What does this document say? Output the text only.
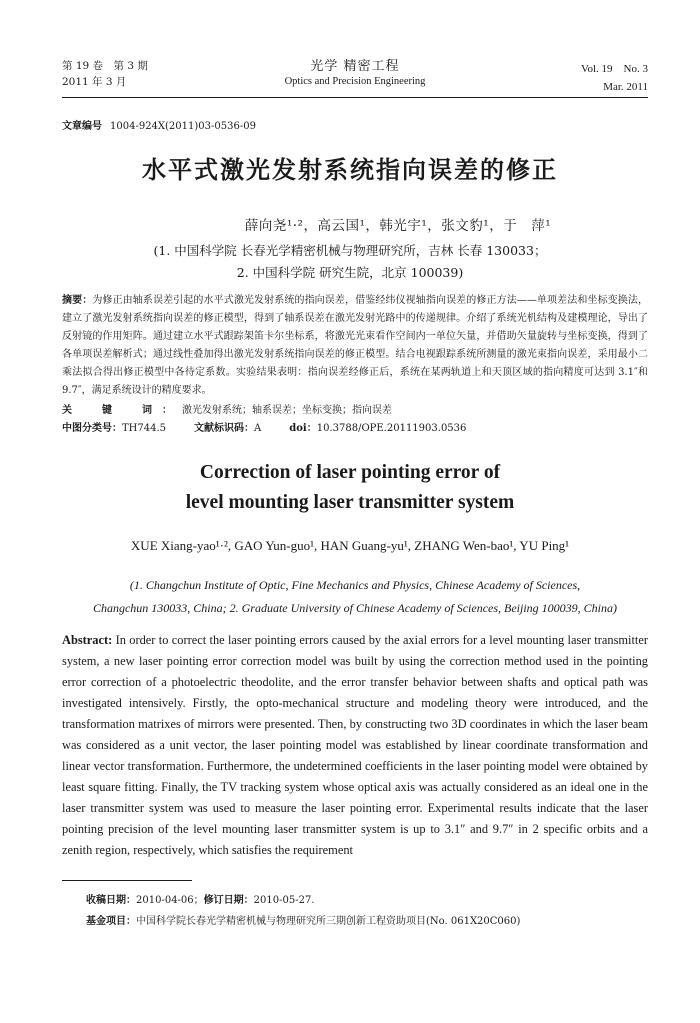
第 19 卷　第 3 期
2011 年 3 月
光学 精密工程
Optics and Precision Engineering
Vol. 19　No. 3
Mar. 2011
文章编号 1004-924X(2011)03-0536-09
水平式激光发射系统指向误差的修正
薛向尧¹·²，高云国¹，韩光宇¹，张文豹¹，于　萍¹
(1. 中国科学院 长春光学精密机械与物理研究所，吉林 长春 130033；
2. 中国科学院 研究生院，北京 100039)
摘要：为修正由轴系误差引起的水平式激光发射系统的指向误差，借鉴经纬仪视轴指向误差的修正方法——单项差法和坐标变换法，建立了激光发射系统指向误差的修正模型，得到了轴系误差在激光发射光路中的传递规律。介绍了系统光机结构及建模理论，导出了反射镜的作用矩阵。通过建立水平式跟踪架笛卡尔坐标系，将激光光束看作空间内一单位矢量，并借助矢量旋转与坐标变换，得到了各单项误差解析式；通过线性叠加得出激光发射系统指向误差的修正模型。结合电视跟踪系统所测量的激光束指向误差，采用最小二乘法拟合得出修正模型中各待定系数。实验结果表明：指向误差经修正后，系统在某两轨道上和天顶区域的指向精度可达到 3.1″和 9.7″，满足系统设计的精度要求。
关　键　词：激光发射系统；轴系误差；坐标变换；指向误差
中图分类号：TH744.5	文献标识码：A	doi：10.3788/OPE.20111903.0536
Correction of laser pointing error of
level mounting laser transmitter system
XUE Xiang-yao¹·², GAO Yun-guo¹, HAN Guang-yu¹, ZHANG Wen-bao¹, YU Ping¹
(1. Changchun Institute of Optic, Fine Mechanics and Physics, Chinese Academy of Sciences,
Changchun 130033, China; 2. Graduate University of Chinese Academy of Sciences, Beijing 100039, China)
Abstract: In order to correct the laser pointing errors caused by the axial errors for a level mounting laser transmitter system, a new laser pointing error correction model was built by using the correction method used in the pointing error correction of a photoelectric theodolite, and the error transfer behavior between shafts and optical path was investigated intensively. Firstly, the opto-mechanical structure and modeling theory were introduced, and the transformation matrixes of mirrors were presented. Then, by constructing two 3D coordinates in which the laser beam was considered as a unit vector, the laser pointing model was established by linear coordinate transformation and linear vector transformation. Furthermore, the undetermined coefficients in the laser pointing model were obtained by least square fitting. Finally, the TV tracking system whose optical axis was actually considered as an ideal one in the laser transmitter system was used to measure the laser pointing error. Experimental results indicate that the laser pointing precision of the level mounting laser transmitter system is up to 3.1″ and 9.7″ in 2 specific orbits and a zenith region, respectively, which satisfies the requirement
收稿日期：2010-04-06；修订日期：2010-05-27.
基金项目：中国科学院长春光学精密机械与物理研究所三期创新工程资助项目(No. 061X20C060)
